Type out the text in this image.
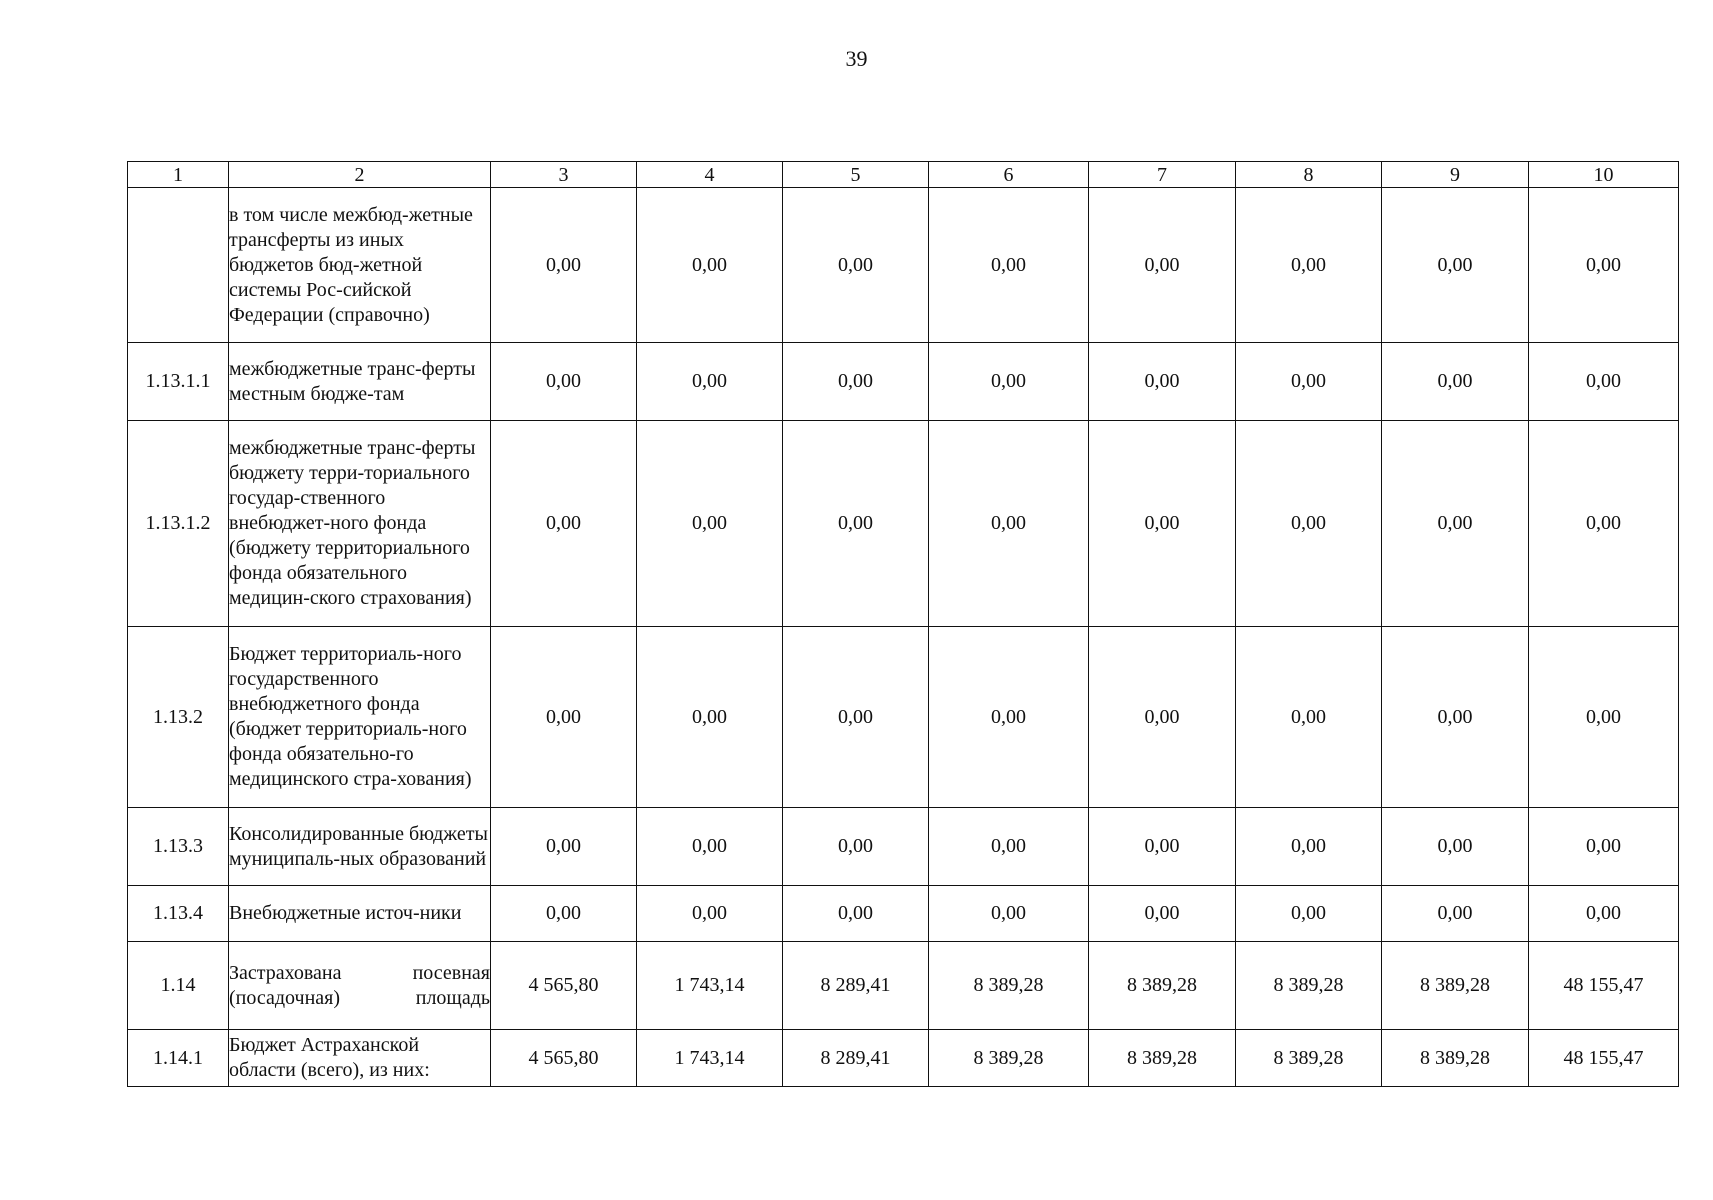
39
1	2	3	4	5	6	7	8	9	10
	в том числе межбюд-жетные трансферты из иных бюджетов бюд-жетной системы Рос-сийской Федерации (справочно)	0,00	0,00	0,00	0,00	0,00	0,00	0,00	0,00
1.13.1.1	межбюджетные транс-ферты местным бюдже-там	0,00	0,00	0,00	0,00	0,00	0,00	0,00	0,00
1.13.1.2	межбюджетные транс-ферты бюджету терри-ториального государ-ственного внебюджет-ного фонда (бюджету территориального фонда обязательного медицин-ского страхования)	0,00	0,00	0,00	0,00	0,00	0,00	0,00	0,00
1.13.2	Бюджет территориаль-ного государственного внебюджетного фонда (бюджет территориаль-ного фонда обязательно-го медицинского стра-хования)	0,00	0,00	0,00	0,00	0,00	0,00	0,00	0,00
1.13.3	Консолидированные бюджеты муниципаль-ных образований	0,00	0,00	0,00	0,00	0,00	0,00	0,00	0,00
1.13.4	Внебюджетные источ-ники	0,00	0,00	0,00	0,00	0,00	0,00	0,00	0,00
1.14	Застрахована посевная (посадочная) площадь	4 565,80	1 743,14	8 289,41	8 389,28	8 389,28	8 389,28	8 389,28	48 155,47
1.14.1	Бюджет Астраханской области (всего), из них:	4 565,80	1 743,14	8 289,41	8 389,28	8 389,28	8 389,28	8 389,28	48 155,47
